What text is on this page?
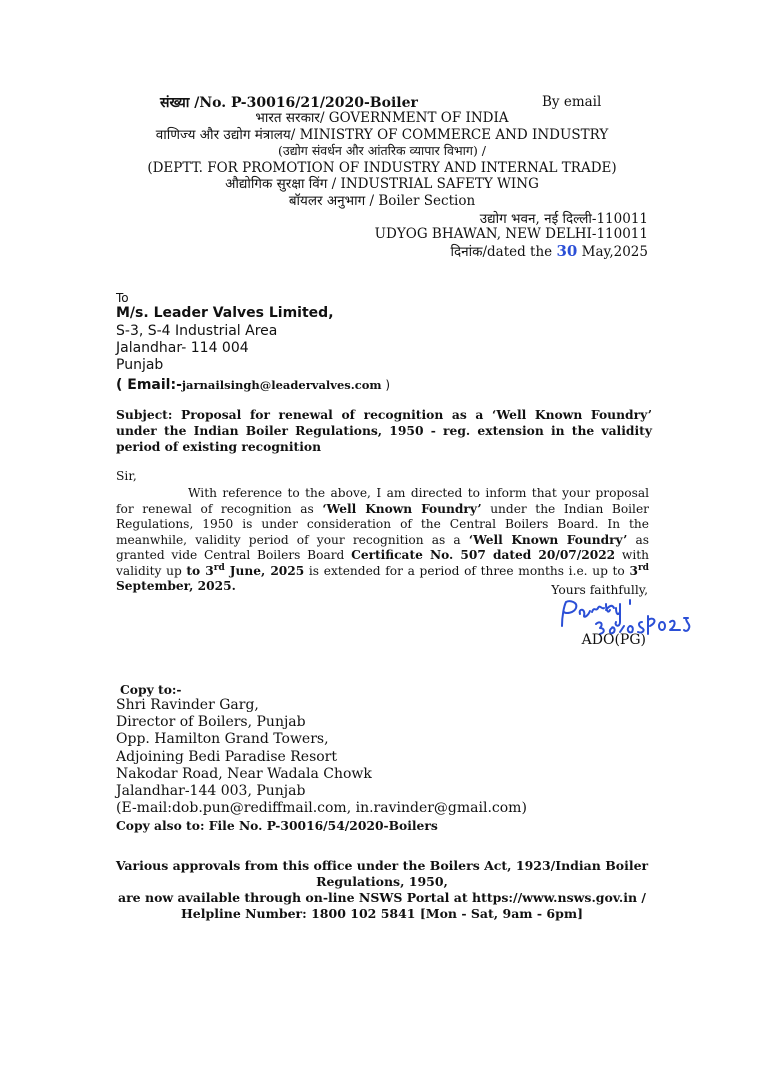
संख्या /No. P-30016/21/2020-Boiler	By email
भारत सरकार/ GOVERNMENT OF INDIA
वाणिज्य और उद्योग मंत्रालय/ MINISTRY OF COMMERCE AND INDUSTRY
(उद्योग संवर्धन और आंतरिक व्यापार विभाग) /
(DEPTT. FOR PROMOTION OF INDUSTRY AND INTERNAL TRADE)
औद्योगिक सुरक्षा विंग / INDUSTRIAL SAFETY WING
बॉयलर अनुभाग / Boiler Section
उद्योग भवन, नई दिल्ली-110011
UDYOG BHAWAN, NEW DELHI-110011
दिनांक/dated the 30 May,2025
To
M/s. Leader Valves Limited,
S-3, S-4 Industrial Area
Jalandhar- 114 004
Punjab
( Email:-jarnailsingh@leadervalves.com )
Subject: Proposal for renewal of recognition as a ‘Well Known Foundry’ under the Indian Boiler Regulations, 1950 - reg. extension in the validity period of existing recognition
Sir,
With reference to the above, I am directed to inform that your proposal for renewal of recognition as ‘Well Known Foundry’ under the Indian Boiler Regulations, 1950 is under consideration of the Central Boilers Board. In the meanwhile, validity period of your recognition as a ‘Well Known Foundry’ as granted vide Central Boilers Board Certificate No. 507 dated 20/07/2022 with validity up to 3rd June, 2025 is extended for a period of three months i.e. up to 3rd September, 2025.	Yours faithfully,
ADO(PG)
Copy to:-
Shri Ravinder Garg,
Director of Boilers, Punjab
Opp. Hamilton Grand Towers,
Adjoining Bedi Paradise Resort
Nakodar Road, Near Wadala Chowk
Jalandhar-144 003, Punjab
(E-mail:dob.pun@rediffmail.com, in.ravinder@gmail.com)
Copy also to: File No. P-30016/54/2020-Boilers
Various approvals from this office under the Boilers Act, 1923/Indian Boiler
Regulations, 1950,
are now available through on-line NSWS Portal at https://www.nsws.gov.in /
Helpline Number: 1800 102 5841 [Mon - Sat, 9am - 6pm]
